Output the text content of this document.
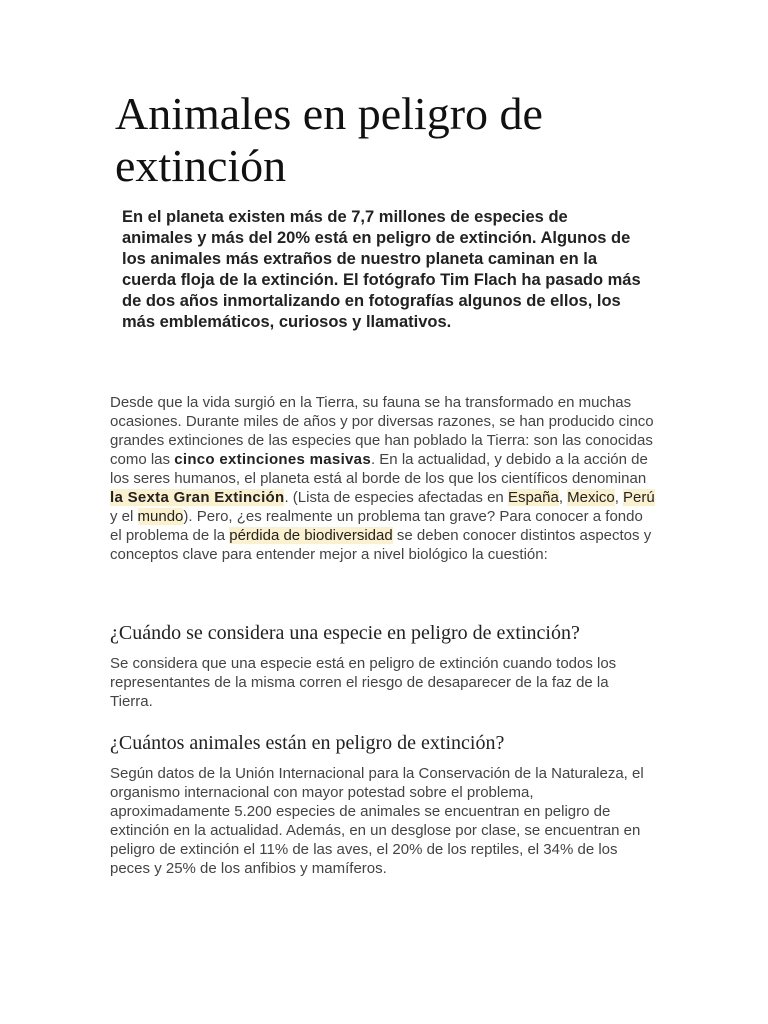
Animales en peligro de extinción

En el planeta existen más de 7,7 millones de especies de animales y más del 20% está en peligro de extinción. Algunos de los animales más extraños de nuestro planeta caminan en la cuerda floja de la extinción. El fotógrafo Tim Flach ha pasado más de dos años inmortalizando en fotografías algunos de ellos, los más emblemáticos, curiosos y llamativos.

Desde que la vida surgió en la Tierra, su fauna se ha transformado en muchas ocasiones. Durante miles de años y por diversas razones, se han producido cinco grandes extinciones de las especies que han poblado la Tierra: son las conocidas como las cinco extinciones masivas. En la actualidad, y debido a la acción de los seres humanos, el planeta está al borde de los que los científicos denominan la Sexta Gran Extinción. (Lista de especies afectadas en España, Mexico, Perú y el mundo). Pero, ¿es realmente un problema tan grave? Para conocer a fondo el problema de la pérdida de biodiversidad se deben conocer distintos aspectos y conceptos clave para entender mejor a nivel biológico la cuestión:

¿Cuándo se considera una especie en peligro de extinción?

Se considera que una especie está en peligro de extinción cuando todos los representantes de la misma corren el riesgo de desaparecer de la faz de la Tierra.

¿Cuántos animales están en peligro de extinción?

Según datos de la Unión Internacional para la Conservación de la Naturaleza, el organismo internacional con mayor potestad sobre el problema, aproximadamente 5.200 especies de animales se encuentran en peligro de extinción en la actualidad. Además, en un desglose por clase, se encuentran en peligro de extinción el 11% de las aves, el 20% de los reptiles, el 34% de los peces y 25% de los anfibios y mamíferos.
